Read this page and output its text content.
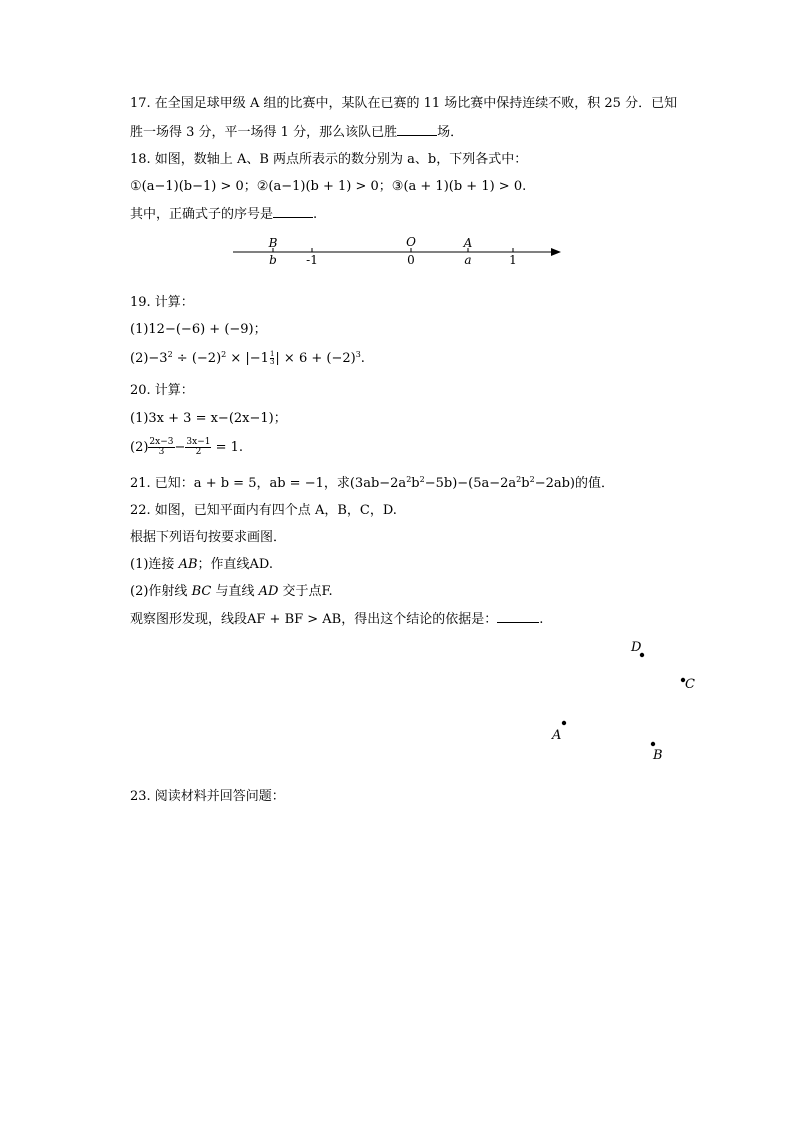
17. 在全国足球甲级 A 组的比赛中，某队在已赛的 11 场比赛中保持连续不败，积 25 分．已知
胜一场得 3 分，平一场得 1 分，那么该队已胜	场．
18. 如图，数轴上 A、B 两点所表示的数分别为 a、b，下列各式中：
①(a−1)(b−1) > 0；②(a−1)(b + 1) > 0；③(a + 1)(b + 1) > 0.
其中，正确式子的序号是	.
B	O	A
b -1	0	a	1
19. 计算：
(1)12−(−6) + (−9)；
$(2)-3^2 \div (-2)^2 \times |-1 \frac{1}{3}$ | × $6 + (-2)^3$.
20. 计算：
(1)3x + 3 = x−(2x−1)；
$(2) \frac{2x-3}{3} - \frac{3x-1}{2} = 1$.
21. 已知：a + b = 5，ab = −1，求$(3ab-2a^2b^2-5b)-(5a-2a^2b^2-2ab)$的值．
22. 如图，已知平面内有四个点 A，B，C，D.
根据下列语句按要求画图．
(1)连接 AB；作直线AD.
(2)作射线 BC 与直线 AD 交于点F.
观察图形发现，线段AF + BF > AB，得出这个结论的依据是：	.
D
C
A
B
23. 阅读材料并回答问题：
